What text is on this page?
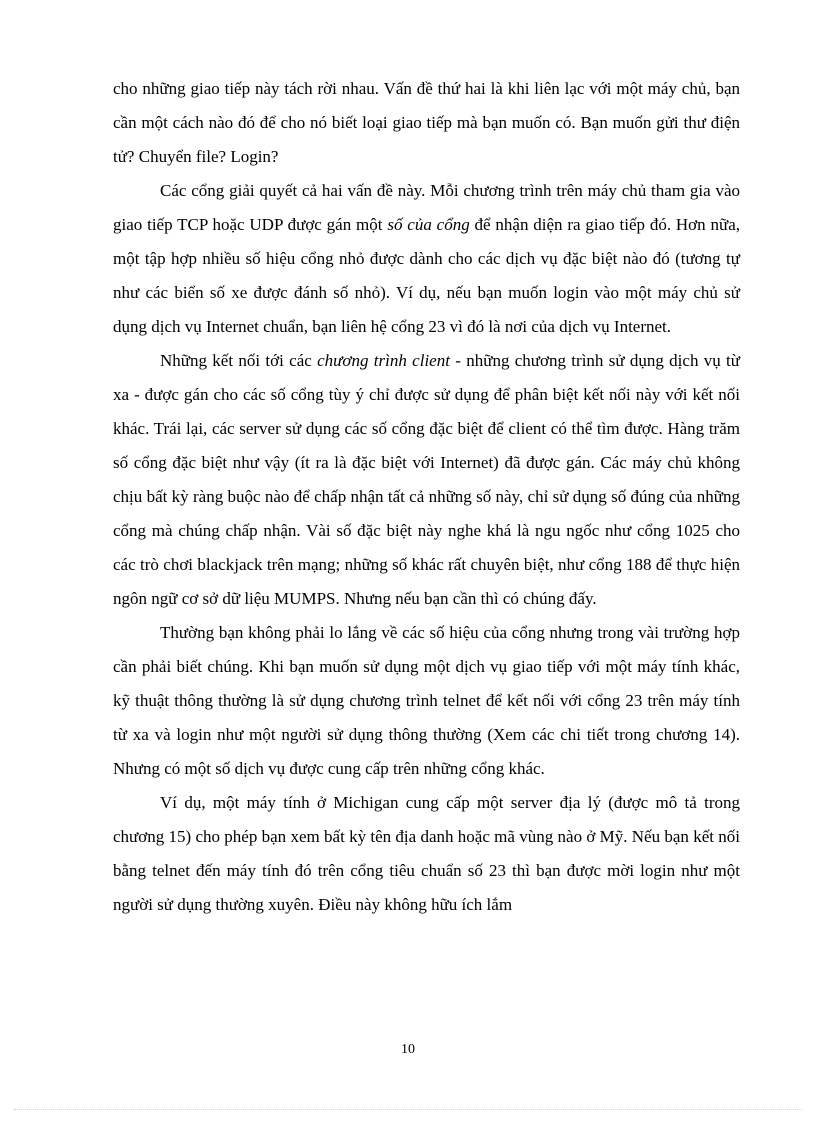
cho những giao tiếp này tách rời nhau. Vấn đề thứ hai là khi liên lạc với một máy chủ, bạn cần một cách nào đó để cho nó biết loại giao tiếp mà bạn muốn có. Bạn muốn gửi thư điện tử? Chuyển file? Login?

Các cổng giải quyết cả hai vấn đề này. Mỗi chương trình trên máy chủ tham gia vào giao tiếp TCP hoặc UDP được gán một số của cổng để nhận diện ra giao tiếp đó. Hơn nữa, một tập hợp nhiều số hiệu cổng nhỏ được dành cho các dịch vụ đặc biệt nào đó (tương tự như các biển số xe được đánh số nhỏ). Ví dụ, nếu bạn muốn login vào một máy chủ sử dụng dịch vụ Internet chuẩn, bạn liên hệ cổng 23 vì đó là nơi của dịch vụ Internet.

Những kết nối tới các chương trình client - những chương trình sử dụng dịch vụ từ xa - được gán cho các số cổng tùy ý chỉ được sử dụng để phân biệt kết nối này với kết nối khác. Trái lại, các server sử dụng các số cổng đặc biệt để client có thể tìm được. Hàng trăm số cổng đặc biệt như vậy (ít ra là đặc biệt với Internet) đã được gán. Các máy chủ không chịu bất kỳ ràng buộc nào để chấp nhận tất cả những số này, chỉ sử dụng số đúng của những cổng mà chúng chấp nhận. Vài số đặc biệt này nghe khá là ngu ngốc như cổng 1025 cho các trò chơi blackjack trên mạng; những số khác rất chuyên biệt, như cổng 188 để thực hiện ngôn ngữ cơ sở dữ liệu MUMPS. Nhưng nếu bạn cần thì có chúng đấy.

Thường bạn không phải lo lắng về các số hiệu của cổng nhưng trong vài trường hợp cần phải biết chúng. Khi bạn muốn sử dụng một dịch vụ giao tiếp với một máy tính khác, kỹ thuật thông thường là sử dụng chương trình telnet để kết nối với cổng 23 trên máy tính từ xa và login như một người sử dụng thông thường (Xem các chi tiết trong chương 14). Nhưng có một số dịch vụ được cung cấp trên những cổng khác.

Ví dụ, một máy tính ở Michigan cung cấp một server địa lý (được mô tả trong chương 15) cho phép bạn xem bất kỳ tên địa danh hoặc mã vùng nào ở Mỹ. Nếu bạn kết nối bằng telnet đến máy tính đó trên cổng tiêu chuẩn số 23 thì bạn được mời login như một người sử dụng thường xuyên. Điều này không hữu ích lắm

10
